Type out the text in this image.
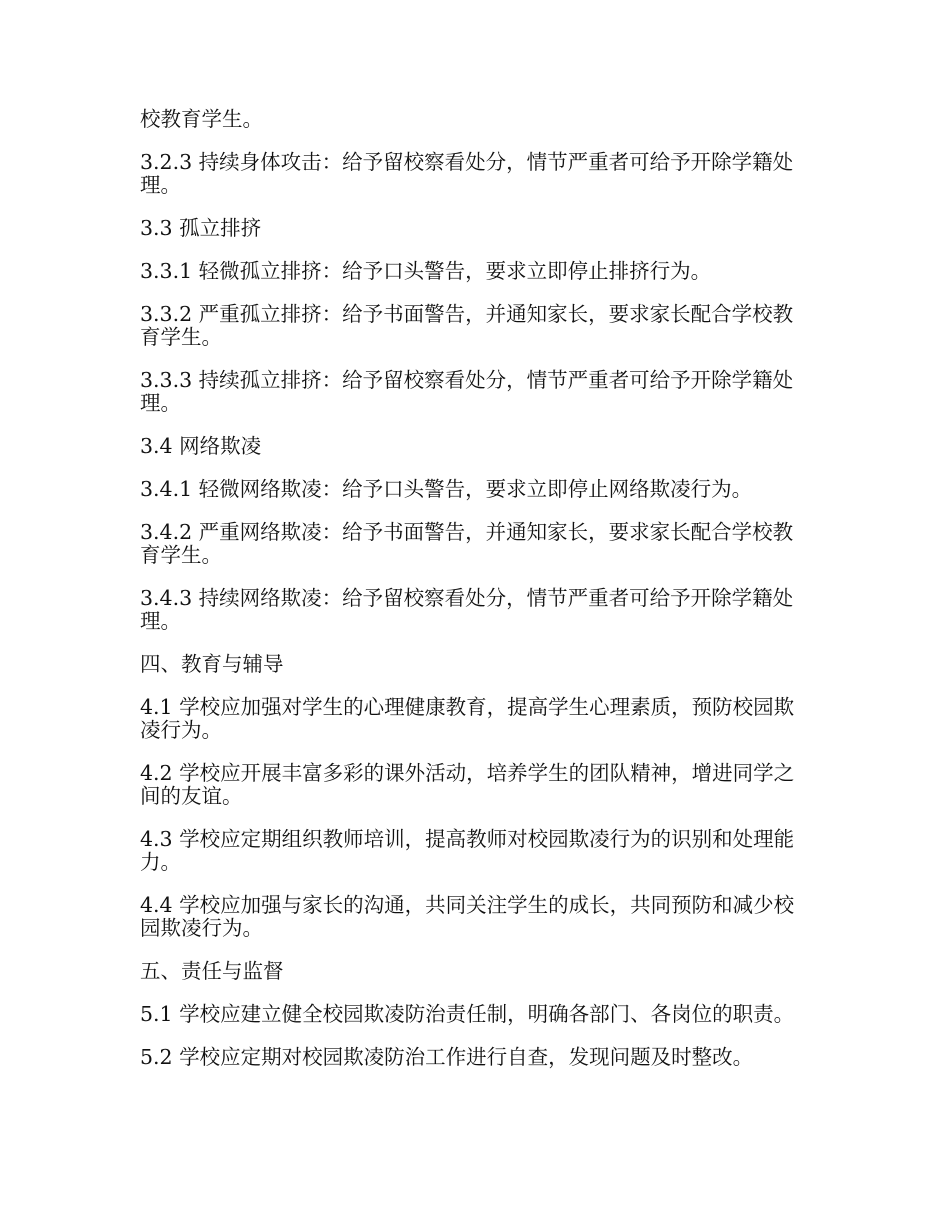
校教育学生。

3.2.3 持续身体攻击：给予留校察看处分，情节严重者可给予开除学籍处理。

3.3 孤立排挤

3.3.1 轻微孤立排挤：给予口头警告，要求立即停止排挤行为。

3.3.2 严重孤立排挤：给予书面警告，并通知家长，要求家长配合学校教育学生。

3.3.3 持续孤立排挤：给予留校察看处分，情节严重者可给予开除学籍处理。

3.4 网络欺凌

3.4.1 轻微网络欺凌：给予口头警告，要求立即停止网络欺凌行为。

3.4.2 严重网络欺凌：给予书面警告，并通知家长，要求家长配合学校教育学生。

3.4.3 持续网络欺凌：给予留校察看处分，情节严重者可给予开除学籍处理。

四、教育与辅导

4.1 学校应加强对学生的心理健康教育，提高学生心理素质，预防校园欺凌行为。

4.2 学校应开展丰富多彩的课外活动，培养学生的团队精神，增进同学之间的友谊。

4.3 学校应定期组织教师培训，提高教师对校园欺凌行为的识别和处理能力。

4.4 学校应加强与家长的沟通，共同关注学生的成长，共同预防和减少校园欺凌行为。

五、责任与监督

5.1 学校应建立健全校园欺凌防治责任制，明确各部门、各岗位的职责。

5.2 学校应定期对校园欺凌防治工作进行自查，发现问题及时整改。
